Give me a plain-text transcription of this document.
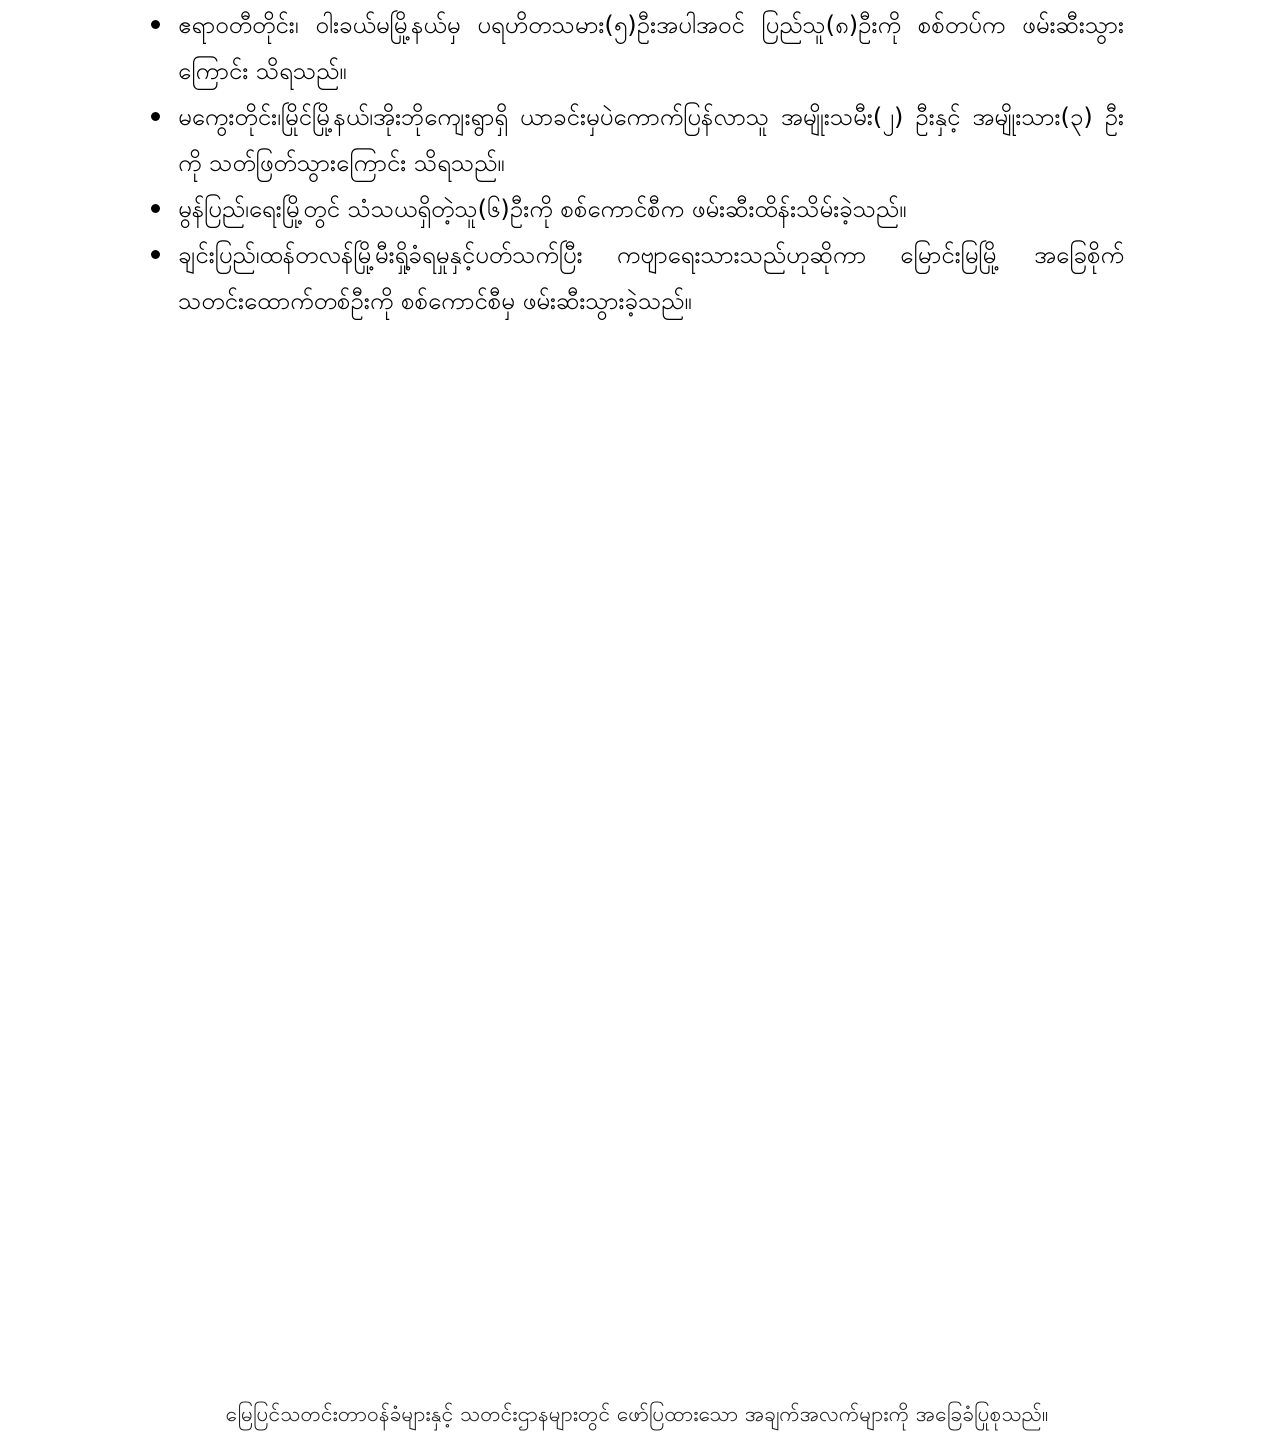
ဧရာဝတီတိုင်း၊ ဝါးခယ်မမြို့နယ်မှ ပရဟိတသမား(၅)ဦးအပါအဝင် ပြည်သူ(၈)ဦးကို စစ်တပ်က ဖမ်းဆီးသွားကြောင်း သိရသည်။
မကွေးတိုင်း၊မြိုင်မြို့နယ်၊အိုးဘိုကျေးရွာရှိ ယာခင်းမှပဲကောက်ပြန်လာသူ အမျိုးသမီး(၂) ဦးနှင့် အမျိုးသား(၃) ဦးကို သတ်ဖြတ်သွားကြောင်း သိရသည်။
မွန်ပြည်၊ရေးမြို့တွင် သံသယရှိတဲ့သူ(၆)ဦးကို စစ်ကောင်စီက ဖမ်းဆီးထိန်းသိမ်းခဲ့သည်။
ချင်းပြည်၊ထန်တလန်မြို့မီးရှို့ခံရမှုနှင့်ပတ်သက်ပြီး ကဗျာရေးသားသည်ဟုဆိုကာ မြောင်းမြမြို့ အခြေစိုက်သတင်းထောက်တစ်ဦးကို စစ်ကောင်စီမှ ဖမ်းဆီးသွားခဲ့သည်။
မြေပြင်သတင်းတာဝန်ခံများနှင့် သတင်းဌာနများတွင် ဖော်ပြထားသော အချက်အလက်များကို အခြေခံပြုစုသည်။
